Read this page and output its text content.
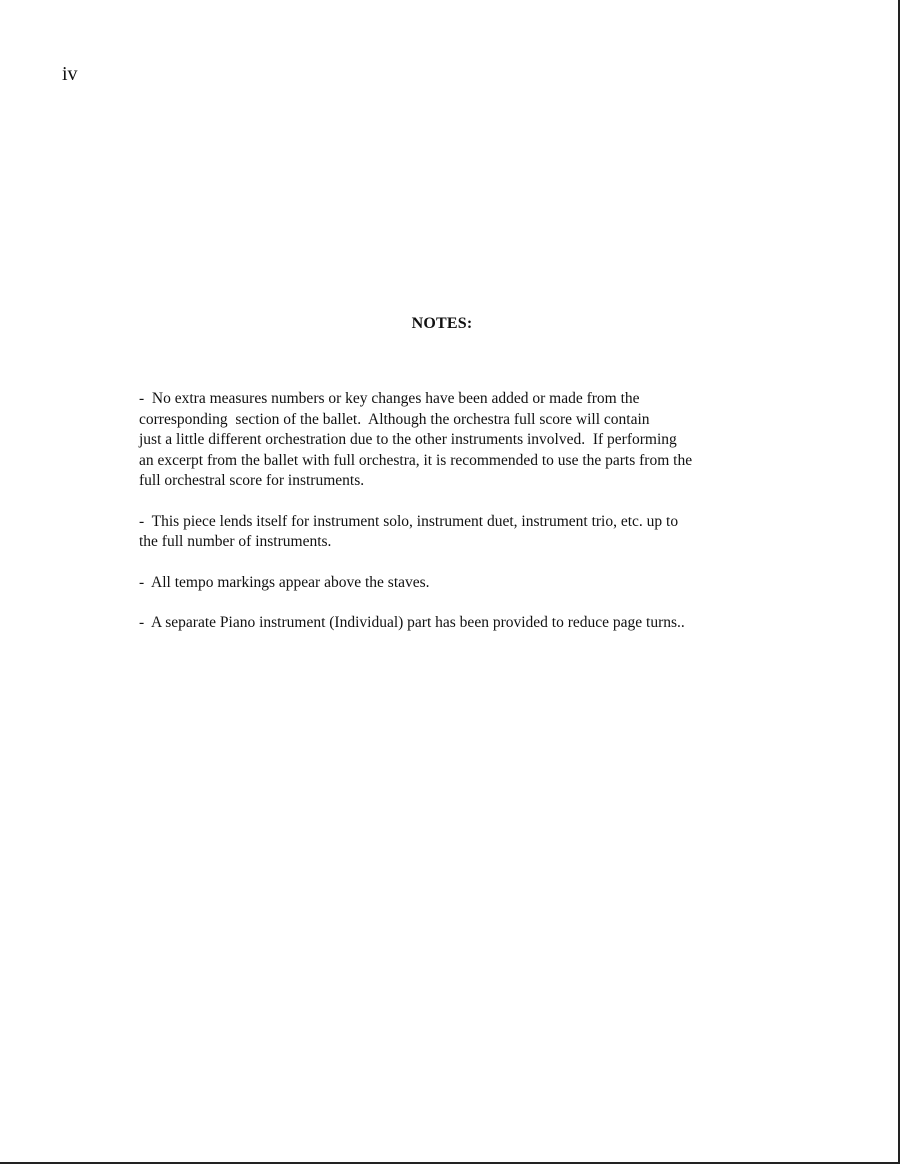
iv
NOTES:
-  No extra measures numbers or key changes have been added or made from the
corresponding  section of the ballet.  Although the orchestra full score will contain
just a little different orchestration due to the other instruments involved.  If performing
an excerpt from the ballet with full orchestra, it is recommended to use the parts from the
full orchestral score for instruments.
-  This piece lends itself for instrument solo, instrument duet, instrument trio, etc. up to
the full number of instruments.
-  All tempo markings appear above the staves.
-  A separate Piano instrument (Individual) part has been provided to reduce page turns..
